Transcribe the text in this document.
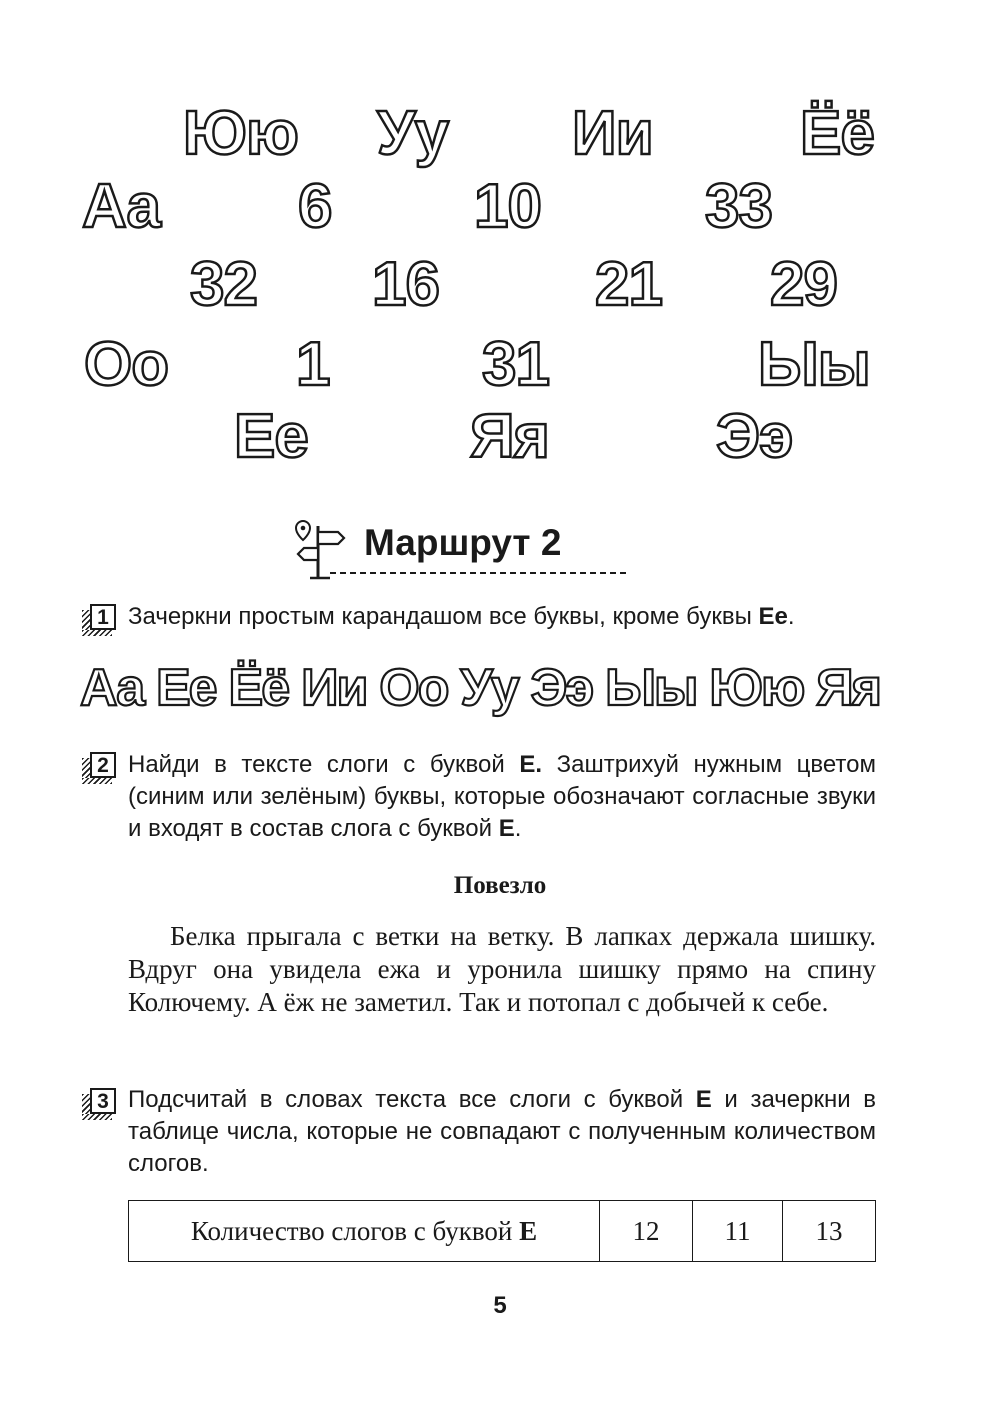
Юю Уу Ии Ёё
Аа 6 10	33
32 16	21 29
Оо 1 31	Ыы
Ее	Яя	Ээ
Маршрут 2
1 Зачеркни простым карандашом все буквы, кроме буквы Ее.
Аа Ее Ёё Ии Оо Уу Ээ Ыы Юю Яя
2 Найди в тексте слоги с буквой Е. Заштрихуй нужным цветом (синим или зелёным) буквы, которые обозначают согласные звуки и входят в состав слога с буквой Е.
Повезло
Белка прыгала с ветки на ветку. В лапках держала шишку. Вдруг она увидела ежа и уронила шишку прямо на спину Колючему. А ёж не заметил. Так и потопал с добычей к себе.
3 Подсчитай в словах текста все слоги с буквой Е и зачеркни в таблице числа, которые не совпадают с полученным количеством слогов.
Количество слогов с буквой Е	12	11	13
5
